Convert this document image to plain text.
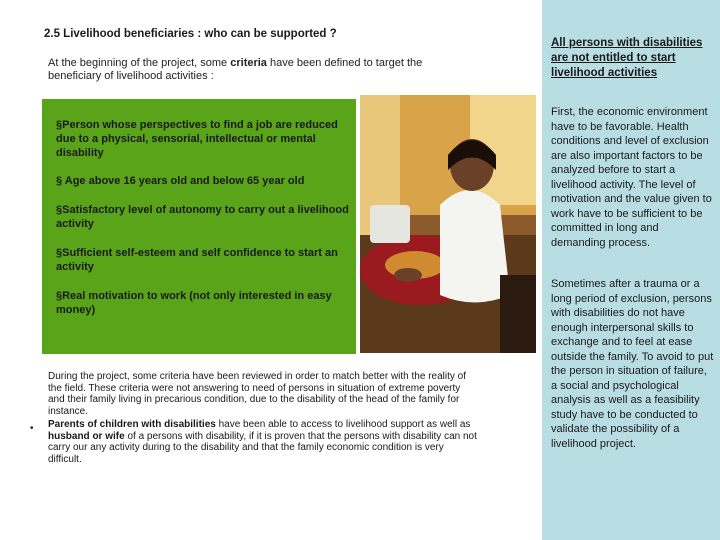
2.5 Livelihood beneficiaries : who can be supported ?
At the beginning of the project, some criteria have been defined to target the beneficiary of livelihood activities :
§Person whose perspectives to find a job are reduced due to a physical, sensorial, intellectual or mental disability
§ Age above 16 years old and below 65 year old
§Satisfactory level of autonomy to carry out a livelihood activity
§Sufficient self-esteem and self confidence to start an activity
§Real motivation to work (not only interested in easy money)
During the project, some criteria have been reviewed in order to match better with the reality of the field. These criteria were not answering to need of persons in situation of extreme poverty and their family living in precarious condition, due to the disability of the head of the family for instance.
• Parents of children with disabilities have been able to access to livelihood support as well as husband or wife of a persons with disability, if it is proven that the persons with disability can not carry our any activity during to the disability and that the family economic condition is very difficult.
All persons with disabilities are not entitled to start livelihood activities
First, the economic environment have to be favorable. Health conditions and level of exclusion are also important factors to be analyzed before to start a livelihood activity. The level of motivation and the value given to work have to be sufficient to be committed in long and demanding process.
Sometimes after a trauma or a long period of exclusion, persons with disabilities do not have enough interpersonal skills to exchange and to feel at ease outside the family. To avoid to put the person in situation of failure, a social and psychological analysis as well as a feasibility study have to be conducted to validate the possibility of a livelihood project.
